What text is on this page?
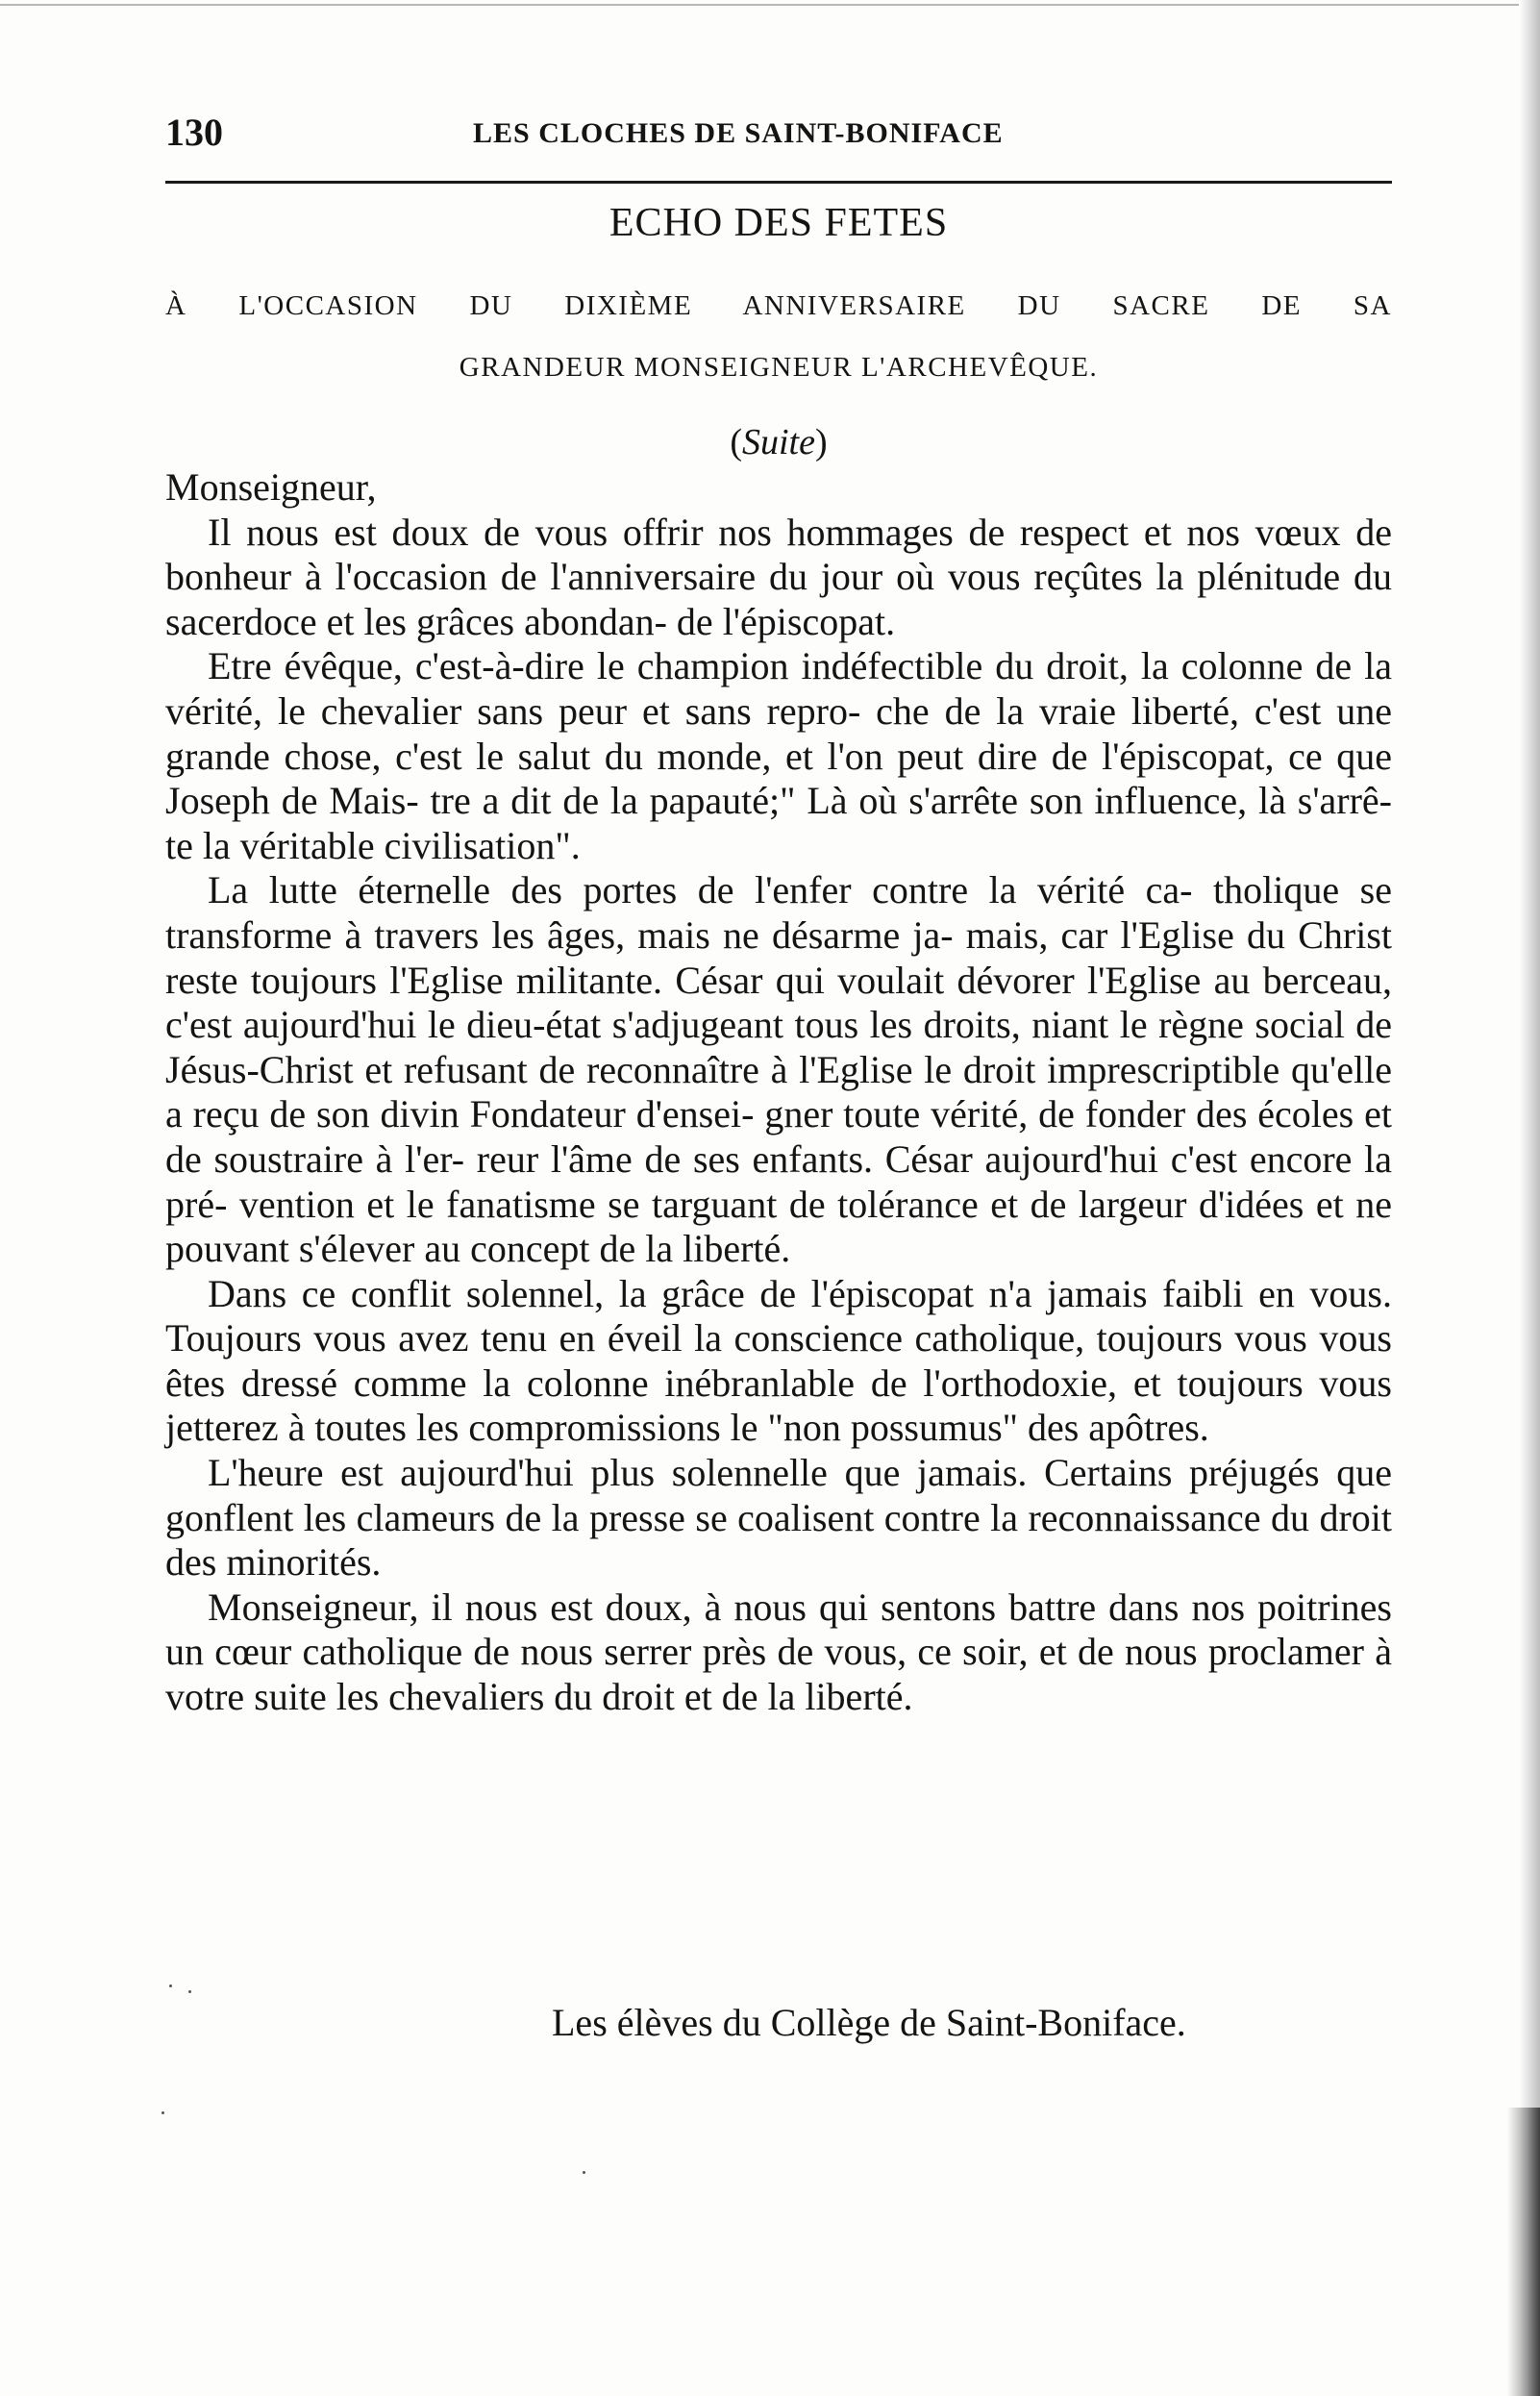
130	LES CLOCHES DE SAINT-BONIFACE
ECHO DES FETES
À L'OCCASION DU DIXIÈME ANNIVERSAIRE DU SACRE DE SA
GRANDEUR MONSEIGNEUR L'ARCHEVÊQUE.
(Suite)

Monseigneur,

Il nous est doux de vous offrir nos hommages de respect et nos vœux de bonheur à l'occasion de l'anniversaire du jour où vous reçûtes la plénitude du sacerdoce et les grâces abondan- de l'épiscopat.

Etre évêque, c'est-à-dire le champion indéfectible du droit, la colonne de la vérité, le chevalier sans peur et sans repro- che de la vraie liberté, c'est une grande chose, c'est le salut du monde, et l'on peut dire de l'épiscopat, ce que Joseph de Mais- tre a dit de la papauté;" Là où s'arrête son influence, là s'arrê- te la véritable civilisation".

La lutte éternelle des portes de l'enfer contre la vérité ca- tholique se transforme à travers les âges, mais ne désarme ja- mais, car l'Eglise du Christ reste toujours l'Eglise militante. César qui voulait dévorer l'Eglise au berceau, c'est aujourd'hui le dieu-état s'adjugeant tous les droits, niant le règne social de Jésus-Christ et refusant de reconnaître à l'Eglise le droit imprescriptible qu'elle a reçu de son divin Fondateur d'ensei- gner toute vérité, de fonder des écoles et de soustraire à l'er- reur l'âme de ses enfants. César aujourd'hui c'est encore la pré- vention et le fanatisme se targuant de tolérance et de largeur d'idées et ne pouvant s'élever au concept de la liberté.

Dans ce conflit solennel, la grâce de l'épiscopat n'a jamais faibli en vous. Toujours vous avez tenu en éveil la conscience catholique, toujours vous vous êtes dressé comme la colonne inébranlable de l'orthodoxie, et toujours vous jetterez à toutes les compromissions le "non possumus" des apôtres.

L'heure est aujourd'hui plus solennelle que jamais. Certains préjugés que gonflent les clameurs de la presse se coalisent contre la reconnaissance du droit des minorités.

Monseigneur, il nous est doux, à nous qui sentons battre dans nos poitrines un cœur catholique de nous serrer près de vous, ce soir, et de nous proclamer à votre suite les chevaliers du droit et de la liberté.

Les élèves du Collège de Saint-Boniface.
